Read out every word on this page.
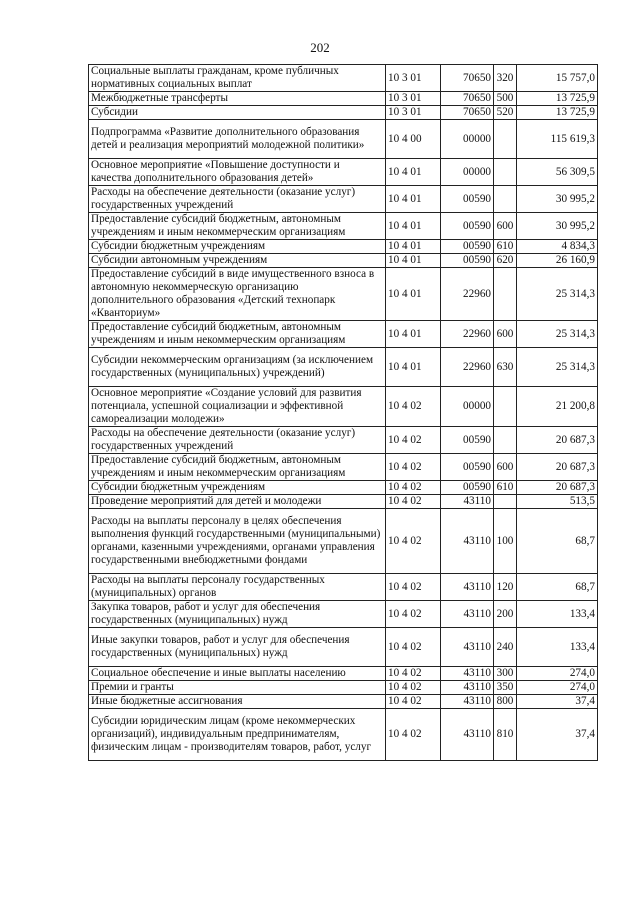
202
Социальные выплаты гражданам, кроме публичных нормативных социальных выплат	10 3 01	70650	320	15 757,0
Межбюджетные трансферты	10 3 01	70650	500	13 725,9
Субсидии	10 3 01	70650	520	13 725,9
Подпрограмма «Развитие дополнительного образования детей и реализация мероприятий молодежной политики»	10 4 00	00000		115 619,3
Основное мероприятие «Повышение доступности и качества дополнительного образования детей»	10 4 01	00000		56 309,5
Расходы на обеспечение деятельности (оказание услуг) государственных учреждений	10 4 01	00590		30 995,2
Предоставление субсидий бюджетным, автономным учреждениям и иным некоммерческим организациям	10 4 01	00590	600	30 995,2
Субсидии бюджетным учреждениям	10 4 01	00590	610	4 834,3
Субсидии автономным учреждениям	10 4 01	00590	620	26 160,9
Предоставление субсидий в виде имущественного взноса в автономную некоммерческую организацию дополнительного образования «Детский технопарк «Кванториум»	10 4 01	22960		25 314,3
Предоставление субсидий бюджетным, автономным учреждениям и иным некоммерческим организациям	10 4 01	22960	600	25 314,3
Субсидии некоммерческим организациям (за исключением государственных (муниципальных) учреждений)	10 4 01	22960	630	25 314,3
Основное мероприятие «Создание условий для развития потенциала, успешной социализации и эффективной самореализации молодежи»	10 4 02	00000		21 200,8
Расходы на обеспечение деятельности (оказание услуг) государственных учреждений	10 4 02	00590		20 687,3
Предоставление субсидий бюджетным, автономным учреждениям и иным некоммерческим организациям	10 4 02	00590	600	20 687,3
Субсидии бюджетным учреждениям	10 4 02	00590	610	20 687,3
Проведение мероприятий для детей и молодежи	10 4 02	43110		513,5
Расходы на выплаты персоналу в целях обеспечения выполнения функций государственными (муниципальными) органами, казенными учреждениями, органами управления государственными внебюджетными фондами	10 4 02	43110	100	68,7
Расходы на выплаты персоналу государственных (муниципальных) органов	10 4 02	43110	120	68,7
Закупка товаров, работ и услуг для обеспечения государственных (муниципальных) нужд	10 4 02	43110	200	133,4
Иные закупки товаров, работ и услуг для обеспечения государственных (муниципальных) нужд	10 4 02	43110	240	133,4
Социальное обеспечение и иные выплаты населению	10 4 02	43110	300	274,0
Премии и гранты	10 4 02	43110	350	274,0
Иные бюджетные ассигнования	10 4 02	43110	800	37,4
Субсидии юридическим лицам (кроме некоммерческих организаций), индивидуальным предпринимателям, физическим лицам - производителям товаров, работ, услуг	10 4 02	43110	810	37,4
